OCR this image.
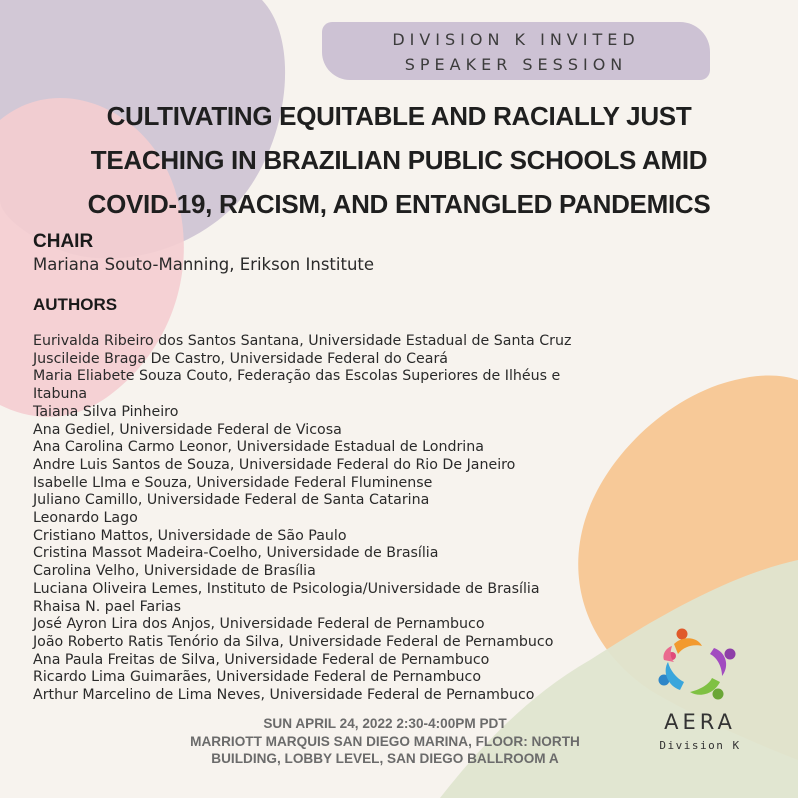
DIVISION K INVITED
SPEAKER SESSION
CULTIVATING EQUITABLE AND RACIALLY JUST
TEACHING IN BRAZILIAN PUBLIC SCHOOLS AMID
COVID-19, RACISM, AND ENTANGLED PANDEMICS
CHAIR
Mariana Souto-Manning, Erikson Institute
AUTHORS
Eurivalda Ribeiro dos Santos Santana, Universidade Estadual de Santa Cruz
Juscileide Braga De Castro, Universidade Federal do Ceará
Maria Eliabete Souza Couto, Federação das Escolas Superiores de Ilhéus e
Itabuna
Taiana Silva Pinheiro
Ana Gediel, Universidade Federal de Vicosa
Ana Carolina Carmo Leonor, Universidade Estadual de Londrina
Andre Luis Santos de Souza, Universidade Federal do Rio De Janeiro
Isabelle LIma e Souza, Universidade Federal Fluminense
Juliano Camillo, Universidade Federal de Santa Catarina
Leonardo Lago
Cristiano Mattos, Universidade de São Paulo
Cristina Massot Madeira-Coelho, Universidade de Brasília
Carolina Velho, Universidade de Brasília
Luciana Oliveira Lemes, Instituto de Psicologia/Universidade de Brasília
Rhaisa N. pael Farias
José Ayron Lira dos Anjos, Universidade Federal de Pernambuco
João Roberto Ratis Tenório da Silva, Universidade Federal de Pernambuco
Ana Paula Freitas de Silva, Universidade Federal de Pernambuco
Ricardo Lima Guimarães, Universidade Federal de Pernambuco
Arthur Marcelino de Lima Neves, Universidade Federal de Pernambuco
SUN APRIL 24, 2022 2:30-4:00PM PDT
MARRIOTT MARQUIS SAN DIEGO MARINA, FLOOR: NORTH
BUILDING, LOBBY LEVEL, SAN DIEGO BALLROOM A
AERA
Division K
